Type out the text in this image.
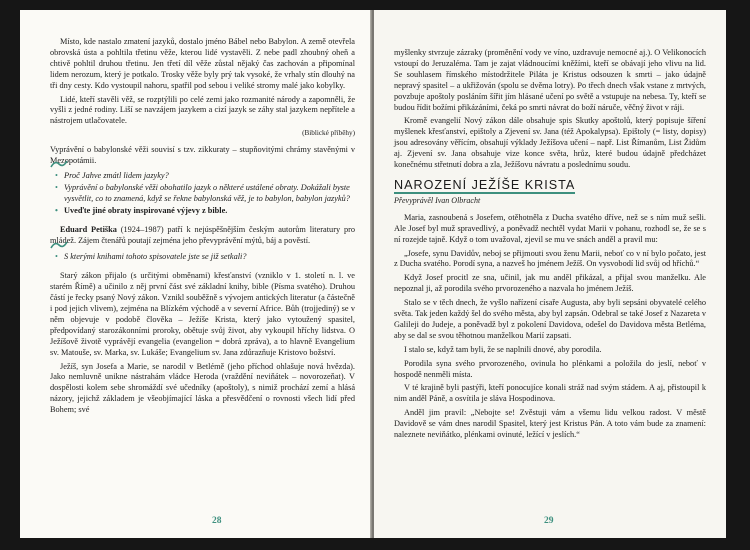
Místo, kde nastalo zmatení jazyků, dostalo jméno Bábel nebo Babylon. A země otevřela obrovská ústa a pohltila třetinu věže, kterou lidé vystavěli. Z nebe padl zhoubný oheň a chtivě pohltil druhou třetinu. Jen třetí díl věže zůstal nějaký čas zachován a připomínal lidem nerozum, který je potkalo. Trosky věže byly prý tak vysoké, že vrhaly stín dlouhý na tři dny cesty. Kdo vystoupil nahoru, spatřil pod sebou i veliké stromy malé jako kobylky.

Lidé, kteří stavěli věž, se rozptýlili po celé zemi jako rozmanité národy a zapomněli, že vyšli z jedné rodiny. Liší se navzájem jazykem a cizí jazyk se záhy stal jazykem nepřítele a nástrojem utlačovatele.

(Biblické příběhy)

Vyprávění o babylonské věži souvisí s tzv. zikkuraty – stupňovitými chrámy stavěnými v Mezopotámii.

• Proč Jahve zmátl lidem jazyky?
• Vyprávění o babylonské věži obohatilo jazyk o některé ustálené obraty. Dokážali byste vysvětlit, co to znamená, když se řekne babylonská věž, je to babylon, babylon jazyků?
• Uveďte jiné obraty inspirované výjevy z bible.

Eduard Petiška (1924–1987) patří k nejúspěšnějším českým autorům literatury pro mládež. Zájem čtenářů poutají zejména jeho převyprávění mýtů, báj a pověstí.

• S kterými knihami tohoto spisovatele jste se již setkali?

Starý zákon přijalo (s určitými obměnami) křesťanství (vzniklo v 1. století n. l. ve starém Římě) a učinilo z něj první část své základní knihy, bible (Písma svatého). Druhou částí je řecky psaný Nový zákon. Vznikl souběžně s vývojem antických literatur (a částečně i pod jejich vlivem), zejména na Blízkém východě a v severní Africe. Bůh (trojjediný) se v něm objevuje v podobě člověka – Ježíše Krista, který jako vytoužený spasitel, předpovídaný starozákonními proroky, obětuje svůj život, aby vykoupil hříchy lidstva. O Ježíšově životě vyprávějí evangelia (evangelion = dobrá zpráva), a to hlavně Evangelium sv. Matouše, sv. Marka, sv. Lukáše; Evangelium sv. Jana zdůrazňuje Kristovo božství.

Ježíš, syn Josefa a Marie, se narodil v Betlémě (jeho příchod ohlašuje nová hvězda). Jako nemluvně unikne nástrahám vládce Heroda (vraždění neviňátek – novorozeňat). V dospělosti kolem sebe shromáždí své učedníky (apoštoly), s nimiž prochází zemí a hlásá názory, jejichž základem je všeobjímající láska a přesvědčení o rovnosti všech lidí před Bohem; své

28

myšlenky stvrzuje zázraky (proměnění vody ve víno, uzdravuje nemocné aj.). O Velikonocích vstoupí do Jeruzaléma. Tam je zajat vládnoucími kněžími, kteří se obávají jeho vlivu na lid. Se souhlasem římského místodržitele Piláta je Kristus odsouzen k smrti – jako údajně nepravý spasitel – a ukřižován (spolu se dvěma lotry). Po třech dnech však vstane z mrtvých, povzbuje apoštoly posláním šířit jím hlásané učení po světě a vstupuje na nebesa. Ty, kteří se budou řídit božími přikázáními, čeká po smrti návrat do boží náruče, věčný život v ráji.

Kromě evangelií Nový zákon dále obsahuje spis Skutky apoštolů, který popisuje šíření myšlenek křesťanství, epištoly a Zjevení sv. Jana (též Apokalypsa). Epištoly (= listy, dopisy) jsou adresovány věřícím, obsahují výklady Ježíšova učení – např. List Římanům, List Židům aj. Zjevení sv. Jana obsahuje vize konce světa, hrůz, které budou údajně předcházet konečnému střetnutí dobra a zla, Ježíšovu návratu a poslednímu soudu.

NAROZENÍ JEŽÍŠE KRISTA
Převyprávěl Ivan Olbracht

Maria, zasnoubená s Josefem, otěhotněla z Ducha svatého dříve, než se s ním muž sešli. Ale Josef byl muž spravedlivý, a poněvadž nechtěl vydat Marii v pohanu, rozhodl se, že se s ní rozejde tajně. Když o tom uvažoval, zjevil se mu ve snách anděl a pravil mu:

„Josefe, synu Davidův, neboj se přijmouti svou ženu Marii, neboť co v ní bylo počato, jest z Ducha svatého. Porodí syna, a nazveš ho jménem Ježíš. On vysvobodí lid svůj od hříchů.“

Když Josef procitl ze sna, učinil, jak mu anděl přikázal, a přijal svou manželku. Ale nepoznal ji, až porodila svého prvorozeného a nazvala ho jménem Ježíš.

Stalo se v těch dnech, že vyšlo nařízení císaře Augusta, aby byli sepsáni obyvatelé celého světa. Tak jeden každý šel do svého města, aby byl zapsán. Odebral se také Josef z Nazareta v Galileji do Judeje, a poněvadž byl z pokolení Davidova, odešel do Davidova města Betléma, aby se dal se svou těhotnou manželkou Marií zapsati.

I stalo se, když tam byli, že se naplnili dnové, aby porodila.

Porodila syna svého prvorozeného, ovinula ho plénkami a položila do jeslí, neboť v hospodě nenměli místa.

V té krajině byli pastýři, kteří ponocujíce konali stráž nad svým stádem. A aj, přistoupil k nim anděl Páně, a osvítila je sláva Hospodinova.

Anděl jim pravil: „Nebojte se! Zvěstuji vám a všemu lidu velkou radost. V městě Davidově se vám dnes narodil Spasitel, který jest Kristus Pán. A toto vám bude za znamení: naleznete neviňátko, plénkami ovinuté, ležící v jeslích.“

29
